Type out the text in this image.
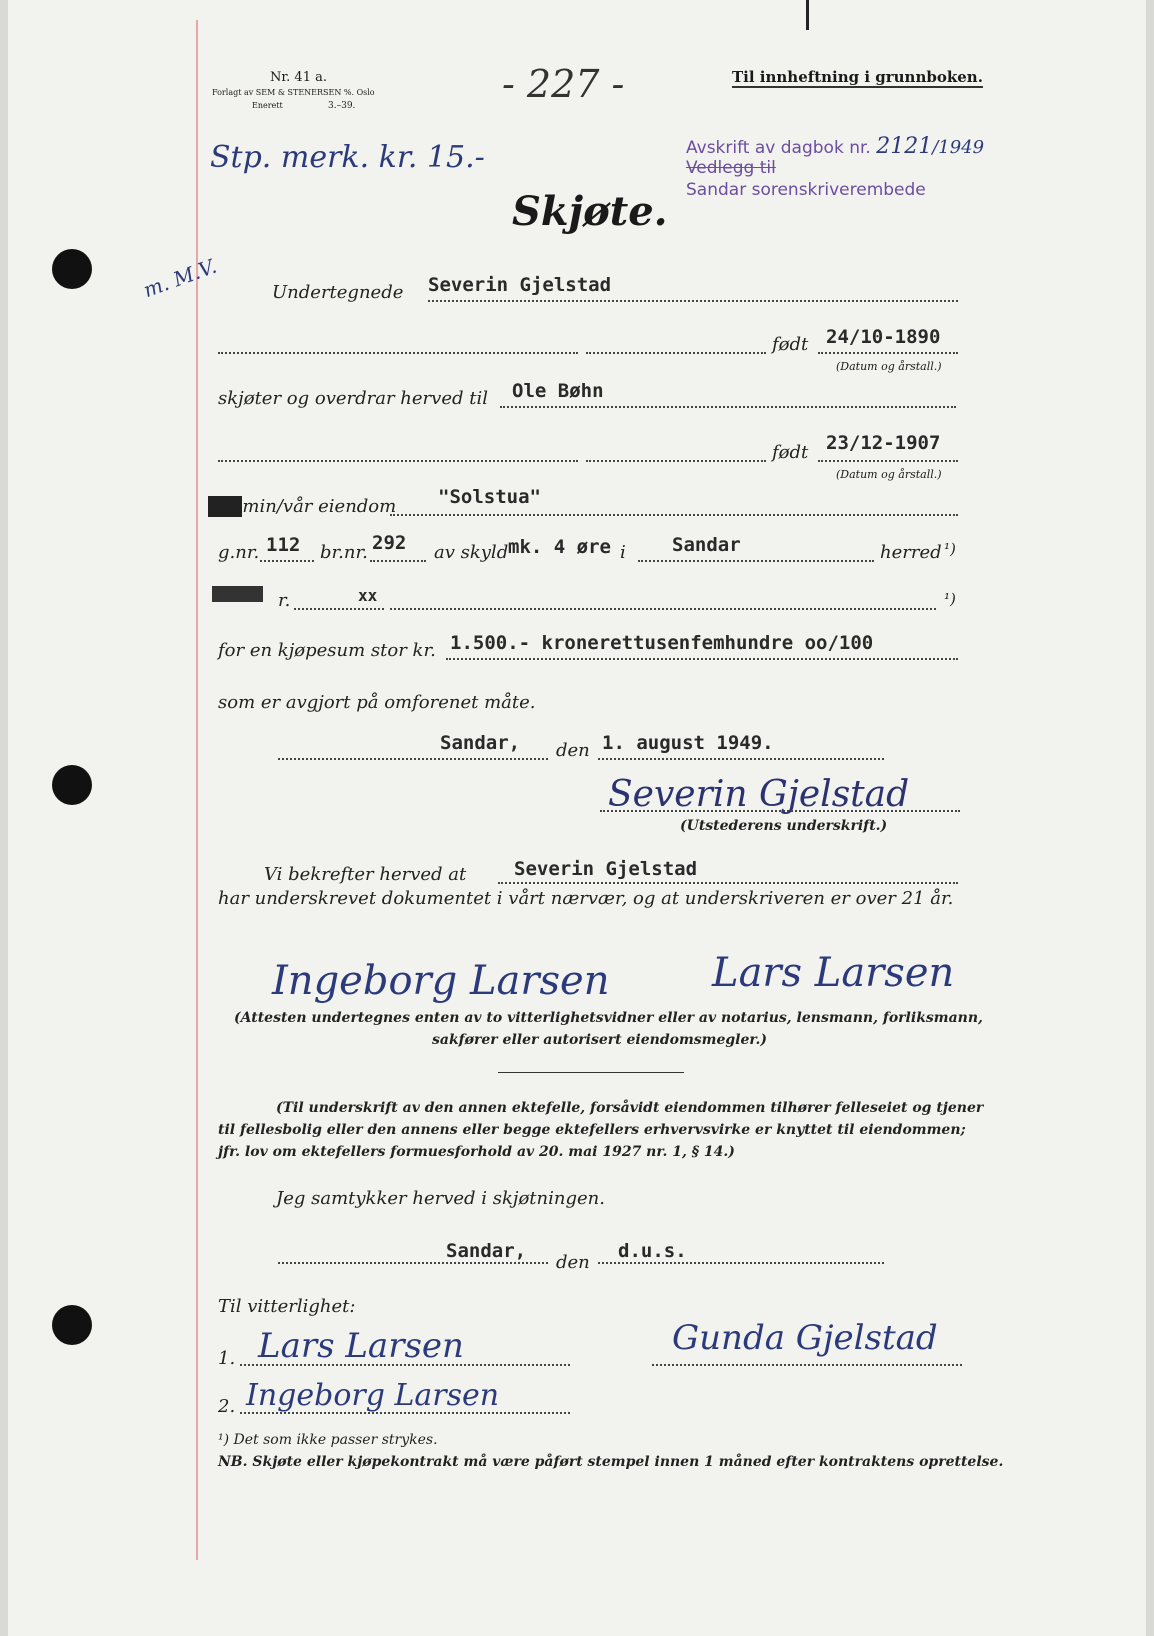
Nr. 41 a.
Forlagt av SEM & STENERSEN %. Oslo
Enerett	3.–39.	- 227 -	Til innheftning i grunnboken.
Avskrift av dagbok nr. 2121/1949
Vedlegg til
Sandar sorenskriverembede
Stp. merk. kr. 15.-
m. M.V.
Skjøte.
Undertegnede Severin Gjelstad
født 24/10-1890
(Datum og årstall.)
skjøter og overdrar herved til Ole Bøhn
født 23/12-1907
(Datum og årstall.)
minmin/vår eiendom "Solstua"
g.nr. 112 br.nr. 292 av skyld mk. 4 øre i Sandar	herred ¹)
xxxxxx r.	xx	¹)
for en kjøpesum stor kr. 1.500.- kronerettusenfemhundre oo/100
som er avgjort på omforenet måte.
Sandar, den 1. august 1949.
Severin Gjelstad
(Utstederens underskrift.)
Vi bekrefter herved at	Severin Gjelstad
har underskrevet dokumentet i vårt nærvær, og at underskriveren er over 21 år.
Ingeborg Larsen	Lars Larsen
(Attesten undertegnes enten av to vitterlighetsvidner eller av notarius, lensmann, forliksmann,
sakfører eller autorisert eiendomsmegler.)
(Til underskrift av den annen ektefelle, forsåvidt eiendommen tilhører felleseiet og tjener
til fellesbolig eller den annens eller begge ektefellers erhvervsvirke er knyttet til eiendommen;
jfr. lov om ektefellers formuesforhold av 20. mai 1927 nr. 1, § 14.)
Jeg samtykker herved i skjøtningen.
Sandar,
den
d.u.s.
Til vitterlighet:
1. Lars Larsen
2. Ingeborg Larsen
Gunda Gjelstad
¹) Det som ikke passer strykes.
NB. Skjøte eller kjøpekontrakt må være påført stempel innen 1 måned efter kontraktens oprettelse.
